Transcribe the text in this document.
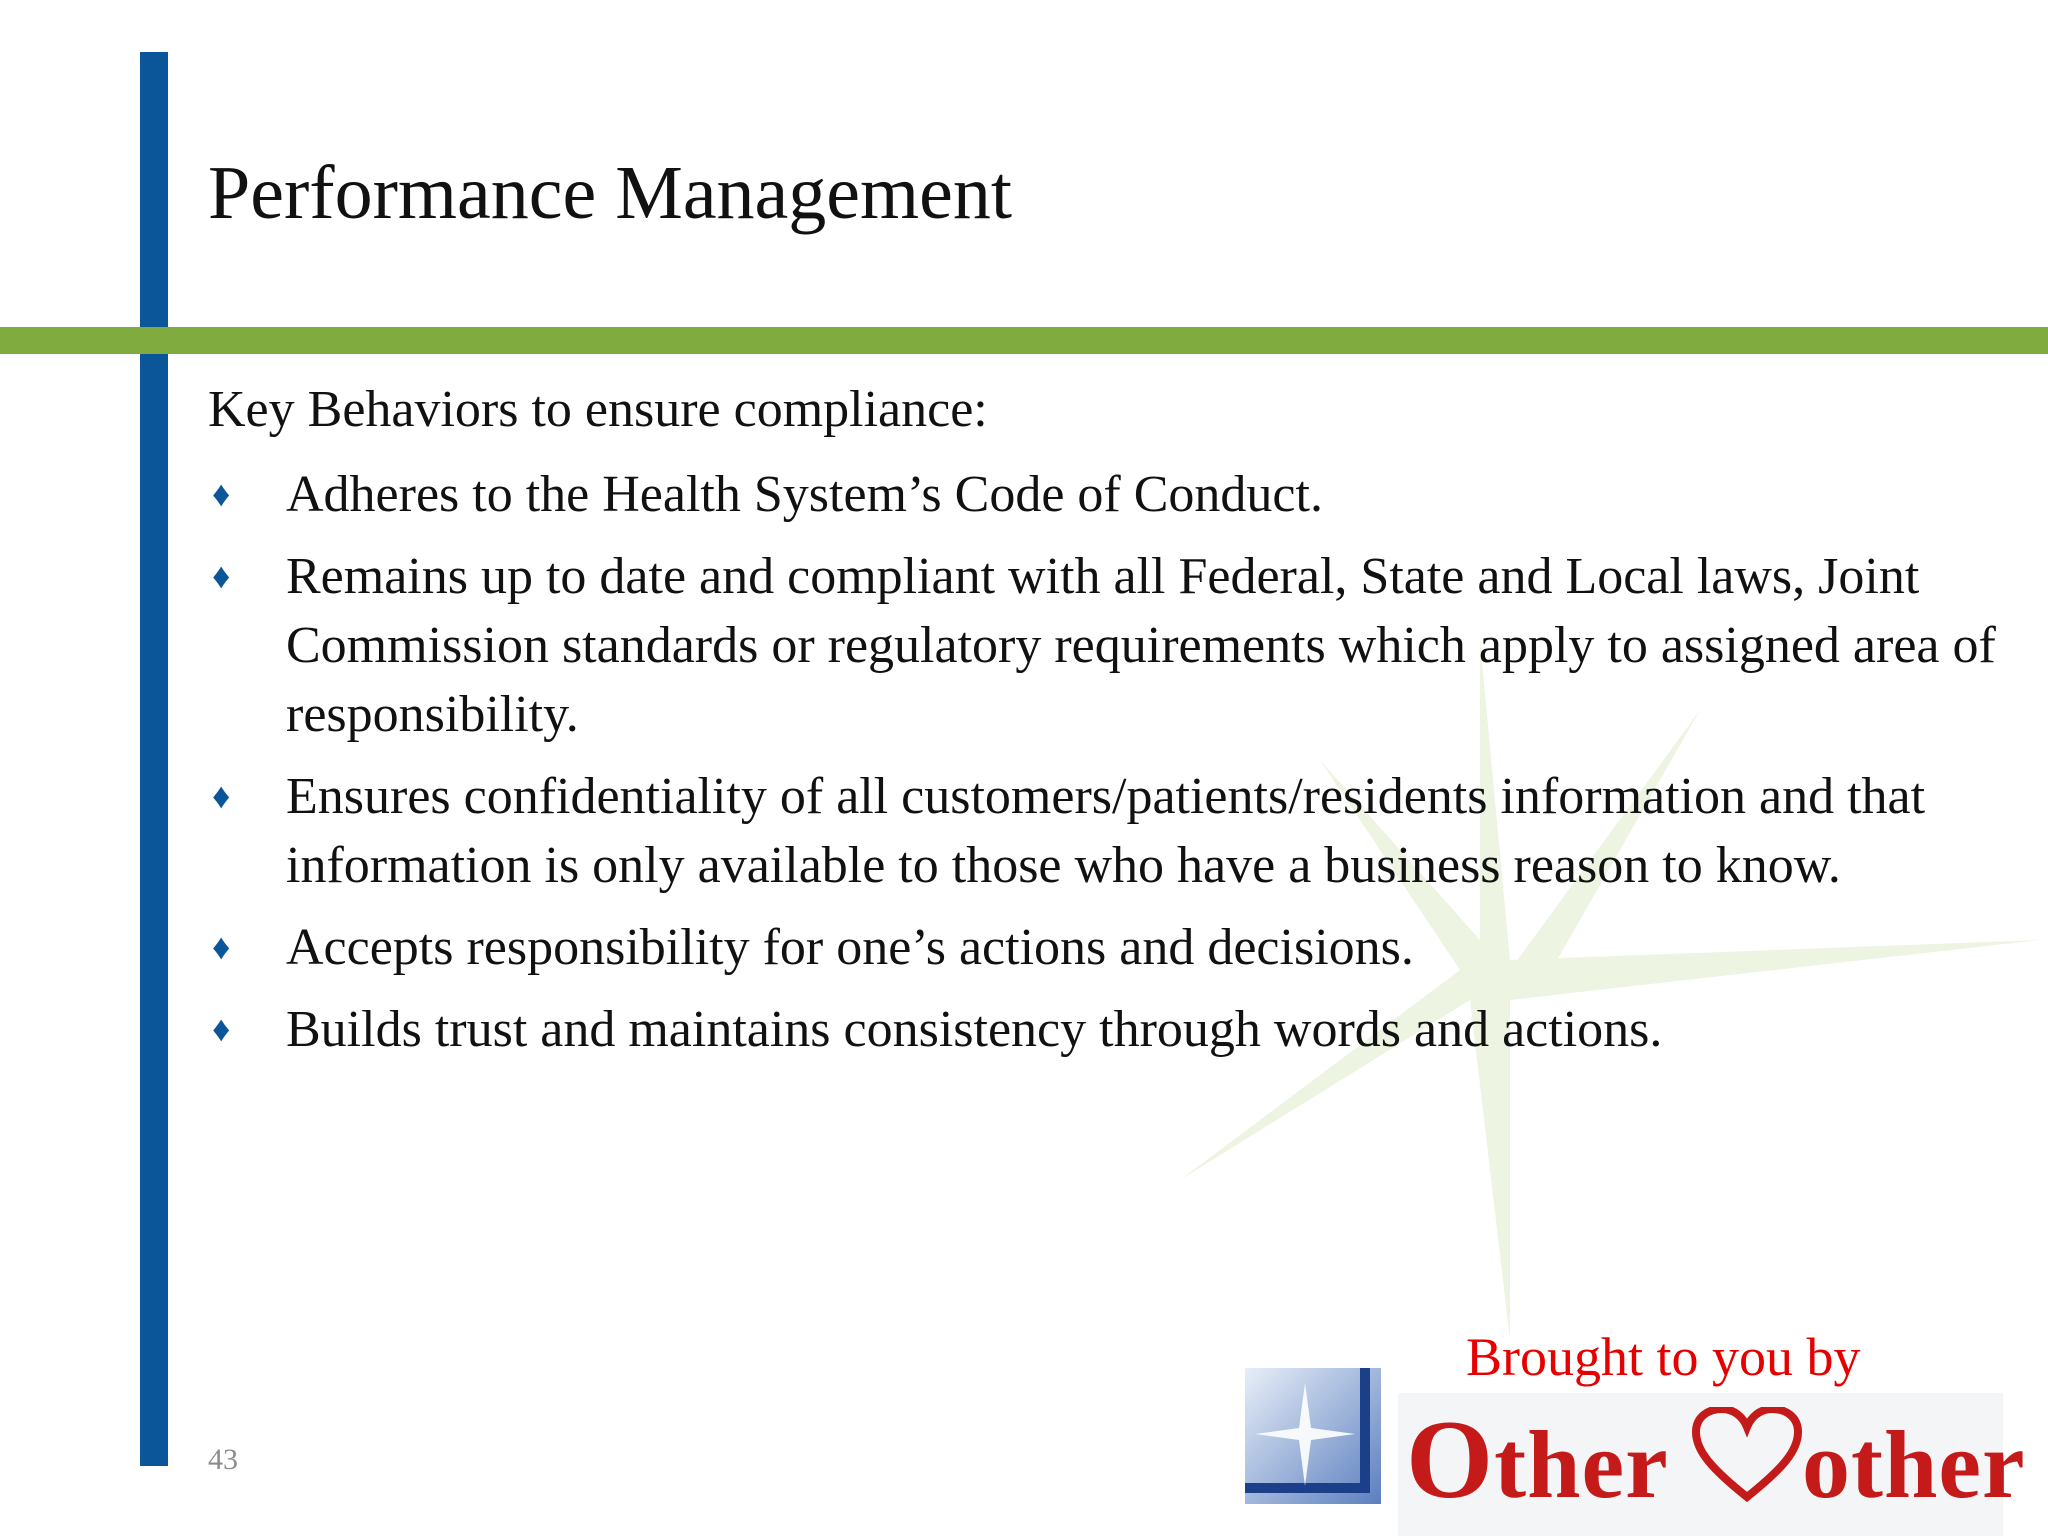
Performance Management
Key Behaviors to ensure compliance:
♦ Adheres to the Health System’s Code of Conduct.
♦ Remains up to date and compliant with all Federal, State and Local laws, Joint Commission standards or regulatory requirements which apply to assigned area of responsibility.
♦ Ensures confidentiality of all customers/patients/residents information and that information is only available to those who have a business reason to know.
♦ Accepts responsibility for one’s actions and decisions.
♦ Builds trust and maintains consistency through words and actions.
43
Brought to you by
Other other
